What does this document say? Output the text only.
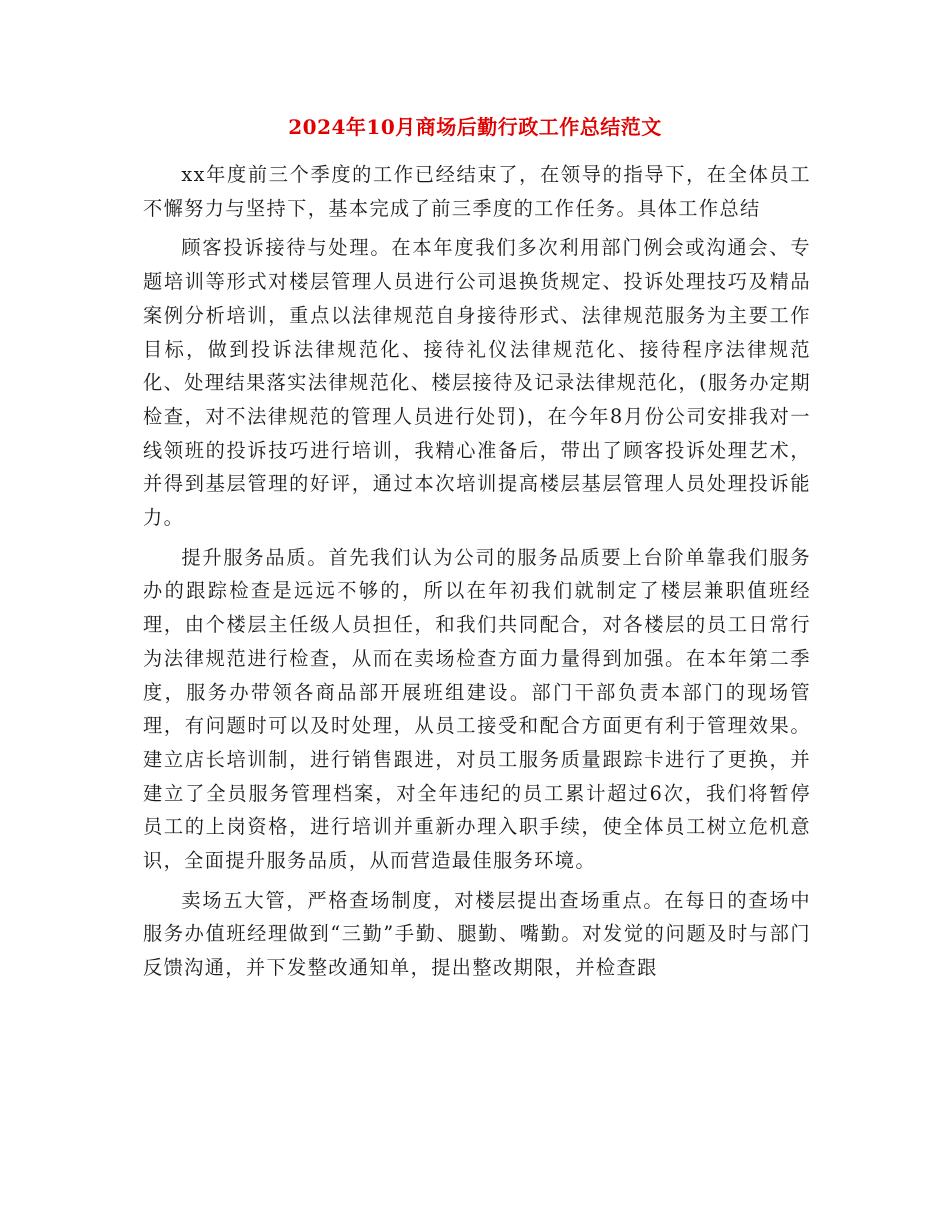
2024年10月商场后勤行政工作总结范文

xx年度前三个季度的工作已经结束了，在领导的指导下，在全体员工不懈努力与坚持下，基本完成了前三季度的工作任务。具体工作总结

顾客投诉接待与处理。在本年度我们多次利用部门例会或沟通会、专题培训等形式对楼层管理人员进行公司退换货规定、投诉处理技巧及精品案例分析培训，重点以法律规范自身接待形式、法律规范服务为主要工作目标，做到投诉法律规范化、接待礼仪法律规范化、接待程序法律规范化、处理结果落实法律规范化、楼层接待及记录法律规范化，(服务办定期检查，对不法律规范的管理人员进行处罚)，在今年8月份公司安排我对一线领班的投诉技巧进行培训，我精心准备后，带出了顾客投诉处理艺术，并得到基层管理的好评，通过本次培训提高楼层基层管理人员处理投诉能力。

提升服务品质。首先我们认为公司的服务品质要上台阶单靠我们服务办的跟踪检查是远远不够的，所以在年初我们就制定了楼层兼职值班经理，由个楼层主任级人员担任，和我们共同配合，对各楼层的员工日常行为法律规范进行检查，从而在卖场检查方面力量得到加强。在本年第二季度，服务办带领各商品部开展班组建设。部门干部负责本部门的现场管理，有问题时可以及时处理，从员工接受和配合方面更有利于管理效果。建立店长培训制，进行销售跟进，对员工服务质量跟踪卡进行了更换，并建立了全员服务管理档案，对全年违纪的员工累计超过6次，我们将暂停员工的上岗资格，进行培训并重新办理入职手续，使全体员工树立危机意识，全面提升服务品质，从而营造最佳服务环境。

卖场五大管，严格查场制度，对楼层提出查场重点。在每日的查场中服务办值班经理做到“三勤”手勤、腿勤、嘴勤。对发觉的问题及时与部门反馈沟通，并下发整改通知单，提出整改期限，并检查跟
